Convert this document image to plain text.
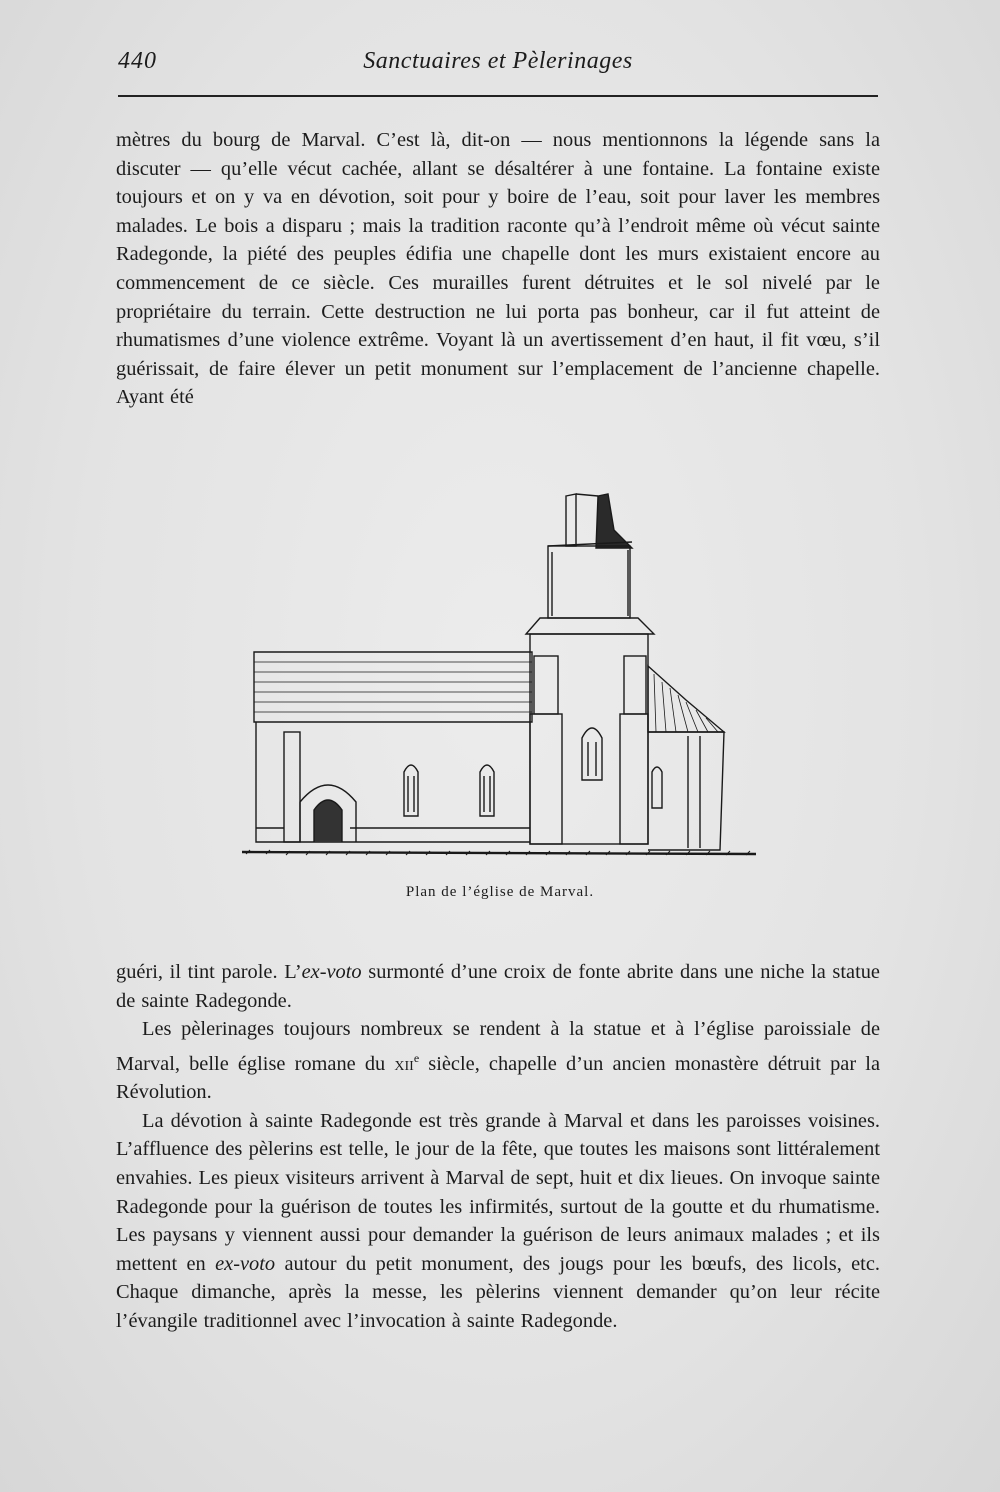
440	Sanctuaires et Pèlerinages

mètres du bourg de Marval. C’est là, dit-on — nous mentionnons la légende sans la discuter — qu’elle vécut cachée, allant se désaltérer à une fontaine. La fontaine existe toujours et on y va en dévotion, soit pour y boire de l’eau, soit pour laver les membres malades. Le bois a disparu ; mais la tradition raconte qu’à l’endroit même où vécut sainte Radegonde, la piété des peuples édifia une chapelle dont les murs existaient encore au commencement de ce siècle. Ces murailles furent détruites et le sol nivelé par le propriétaire du terrain. Cette destruction ne lui porta pas bonheur, car il fut atteint de rhumatismes d’une violence extrême. Voyant là un avertissement d’en haut, il fit vœu, s’il guérissait, de faire élever un petit monument sur l’emplacement de l’ancienne chapelle. Ayant été

Plan de l’église de Marval.

guéri, il tint parole. L’ex-voto surmonté d’une croix de fonte abrite dans une niche la statue de sainte Radegonde.

Les pèlerinages toujours nombreux se rendent à la statue et à l’église paroissiale de Marval, belle église romane du xii$^e$ siècle, chapelle d’un ancien monastère détruit par la Révolution.

La dévotion à sainte Radegonde est très grande à Marval et dans les paroisses voisines. L’affluence des pèlerins est telle, le jour de la fête, que toutes les maisons sont littéralement envahies. Les pieux visiteurs arrivent à Marval de sept, huit et dix lieues. On invoque sainte Radegonde pour la guérison de toutes les infirmités, surtout de la goutte et du rhumatisme. Les paysans y viennent aussi pour demander la guérison de leurs animaux malades ; et ils mettent en ex-voto autour du petit monument, des jougs pour les bœufs, des licols, etc. Chaque dimanche, après la messe, les pèlerins viennent demander qu’on leur récite l’évangile traditionnel avec l’invocation à sainte Radegonde.
